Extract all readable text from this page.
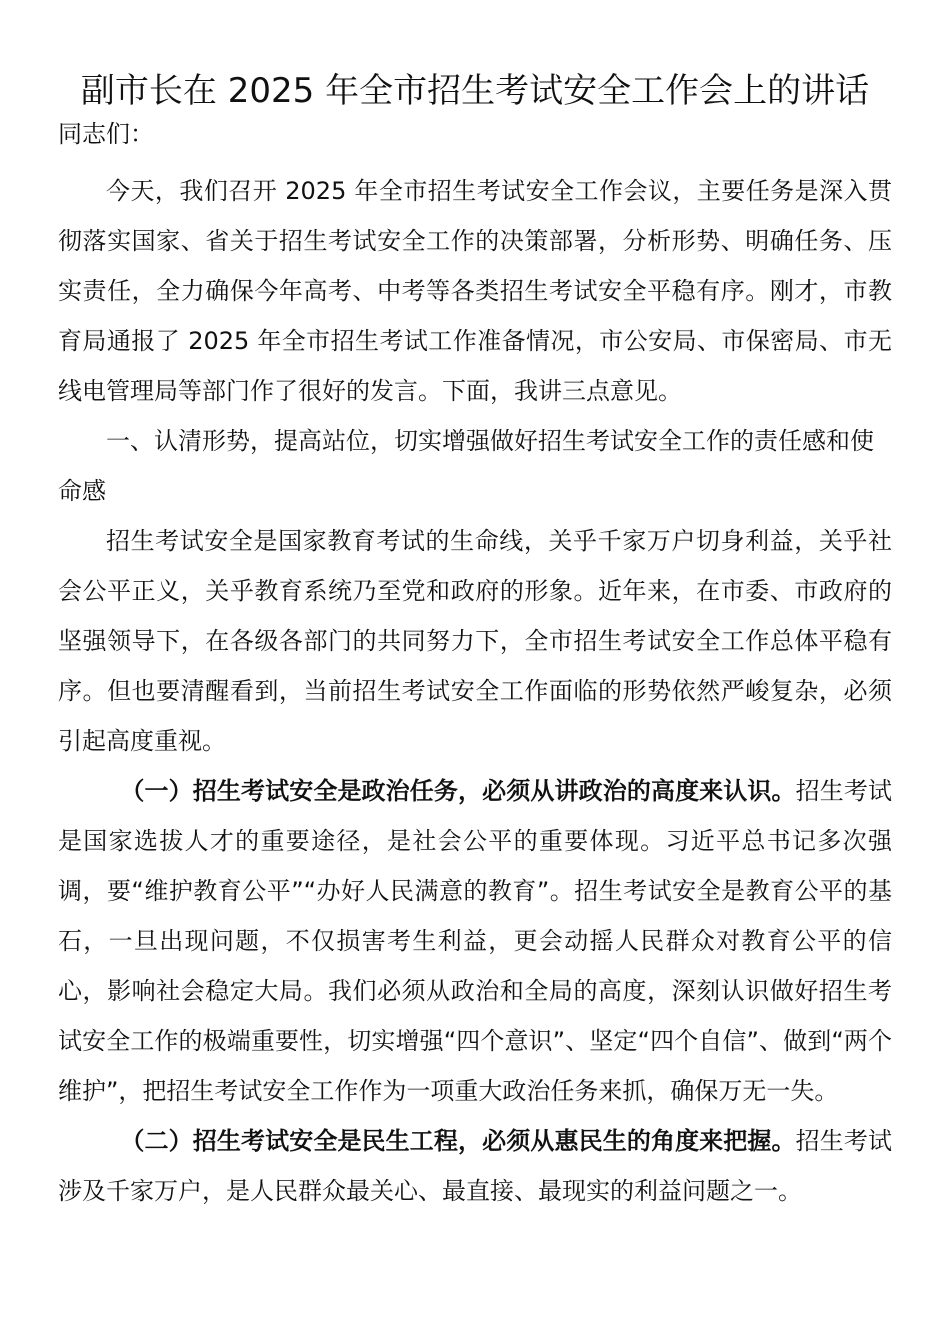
副市长在 2025 年全市招生考试安全工作会上的讲话

同志们：

今天，我们召开 2025 年全市招生考试安全工作会议，主要任务是深入贯彻落实国家、省关于招生考试安全工作的决策部署，分析形势、明确任务、压实责任，全力确保今年高考、中考等各类招生考试安全平稳有序。刚才，市教育局通报了 2025 年全市招生考试工作准备情况，市公安局、市保密局、市无线电管理局等部门作了很好的发言。下面，我讲三点意见。

一、认清形势，提高站位，切实增强做好招生考试安全工作的责任感和使命感

招生考试安全是国家教育考试的生命线，关乎千家万户切身利益，关乎社会公平正义，关乎教育系统乃至党和政府的形象。近年来，在市委、市政府的坚强领导下，在各级各部门的共同努力下，全市招生考试安全工作总体平稳有序。但也要清醒看到，当前招生考试安全工作面临的形势依然严峻复杂，必须引起高度重视。

（一）招生考试安全是政治任务，必须从讲政治的高度来认识。招生考试是国家选拔人才的重要途径，是社会公平的重要体现。习近平总书记多次强调，要“维护教育公平”“办好人民满意的教育”。招生考试安全是教育公平的基石，一旦出现问题，不仅损害考生利益，更会动摇人民群众对教育公平的信心，影响社会稳定大局。我们必须从政治和全局的高度，深刻认识做好招生考试安全工作的极端重要性，切实增强“四个意识”、坚定“四个自信”、做到“两个维护”，把招生考试安全工作作为一项重大政治任务来抓，确保万无一失。

（二）招生考试安全是民生工程，必须从惠民生的角度来把握。招生考试涉及千家万户，是人民群众最关心、最直接、最现实的利益问题之一。
